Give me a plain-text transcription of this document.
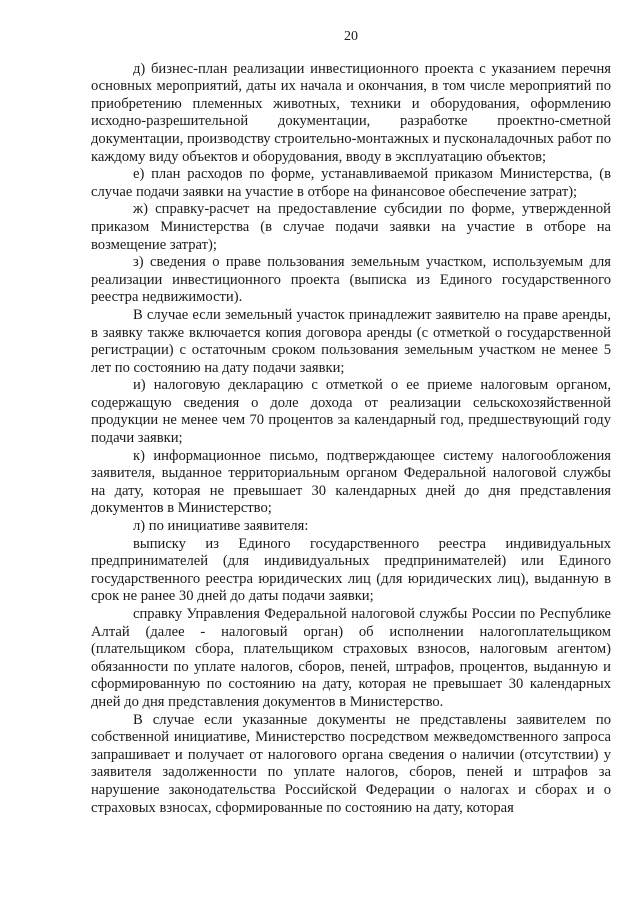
20

д) бизнес-план реализации инвестиционного проекта с указанием перечня основных мероприятий, даты их начала и окончания, в том числе мероприятий по приобретению племенных животных, техники и оборудования, оформлению исходно-разрешительной документации, разработке проектно-сметной документации, производству строительно-монтажных и пусконаладочных работ по каждому виду объектов и оборудования, вводу в эксплуатацию объектов;

е) план расходов по форме, устанавливаемой приказом Министерства, (в случае подачи заявки на участие в отборе на финансовое обеспечение затрат);

ж) справку-расчет на предоставление субсидии по форме, утвержденной приказом Министерства (в случае подачи заявки на участие в отборе на возмещение затрат);

з) сведения о праве пользования земельным участком, используемым для реализации инвестиционного проекта (выписка из Единого государственного реестра недвижимости).

В случае если земельный участок принадлежит заявителю на праве аренды, в заявку также включается копия договора аренды (с отметкой о государственной регистрации) с остаточным сроком пользования земельным участком не менее 5 лет по состоянию на дату подачи заявки;

и) налоговую декларацию с отметкой о ее приеме налоговым органом, содержащую сведения о доле дохода от реализации сельскохозяйственной продукции не менее чем 70 процентов за календарный год, предшествующий году подачи заявки;

к) информационное письмо, подтверждающее систему налогообложения заявителя, выданное территориальным органом Федеральной налоговой службы на дату, которая не превышает 30 календарных дней до дня представления документов в Министерство;

л) по инициативе заявителя:

выписку из Единого государственного реестра индивидуальных предпринимателей (для индивидуальных предпринимателей) или Единого государственного реестра юридических лиц (для юридических лиц), выданную в срок не ранее 30 дней до даты подачи заявки;

справку Управления Федеральной налоговой службы России по Республике Алтай (далее - налоговый орган) об исполнении налогоплательщиком (плательщиком сбора, плательщиком страховых взносов, налоговым агентом) обязанности по уплате налогов, сборов, пеней, штрафов, процентов, выданную и сформированную по состоянию на дату, которая не превышает 30 календарных дней до дня представления документов в Министерство.

В случае если указанные документы не представлены заявителем по собственной инициативе, Министерство посредством межведомственного запроса запрашивает и получает от налогового органа сведения о наличии (отсутствии) у заявителя задолженности по уплате налогов, сборов, пеней и штрафов за нарушение законодательства Российской Федерации о налогах и сборах и о страховых взносах, сформированные по состоянию на дату, которая
